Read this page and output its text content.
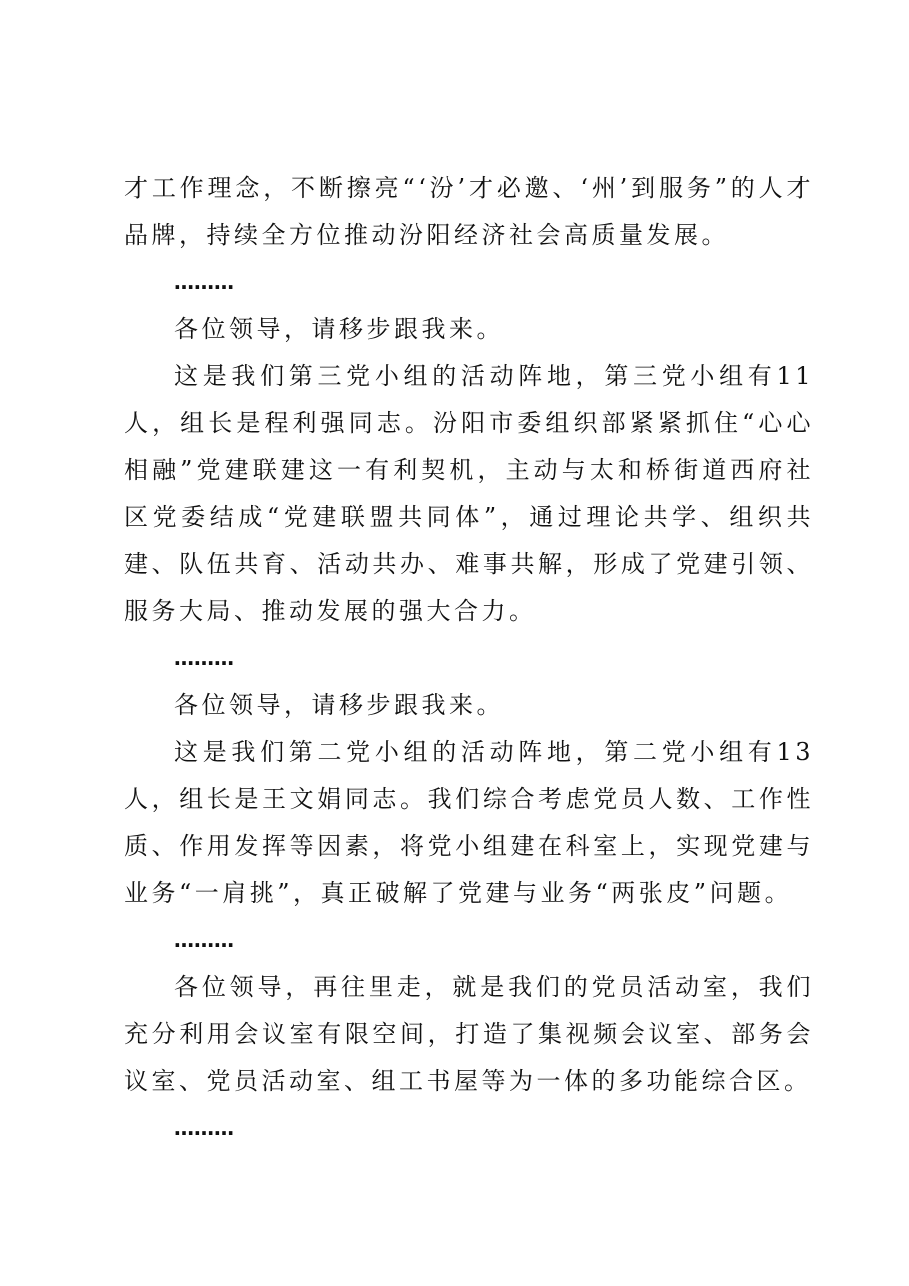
才工作理念，不断擦亮“‘汾’才必邀、‘州’到服务”的人才品牌，持续全方位推动汾阳经济社会高质量发展。

………

各位领导，请移步跟我来。

这是我们第三党小组的活动阵地，第三党小组有11人，组长是程利强同志。汾阳市委组织部紧紧抓住“心心相融”党建联建这一有利契机，主动与太和桥街道西府社区党委结成“党建联盟共同体”，通过理论共学、组织共建、队伍共育、活动共办、难事共解，形成了党建引领、服务大局、推动发展的强大合力。

………

各位领导，请移步跟我来。

这是我们第二党小组的活动阵地，第二党小组有13人，组长是王文娟同志。我们综合考虑党员人数、工作性质、作用发挥等因素，将党小组建在科室上，实现党建与业务“一肩挑”，真正破解了党建与业务“两张皮”问题。

………

各位领导，再往里走，就是我们的党员活动室，我们充分利用会议室有限空间，打造了集视频会议室、部务会议室、党员活动室、组工书屋等为一体的多功能综合区。

………
